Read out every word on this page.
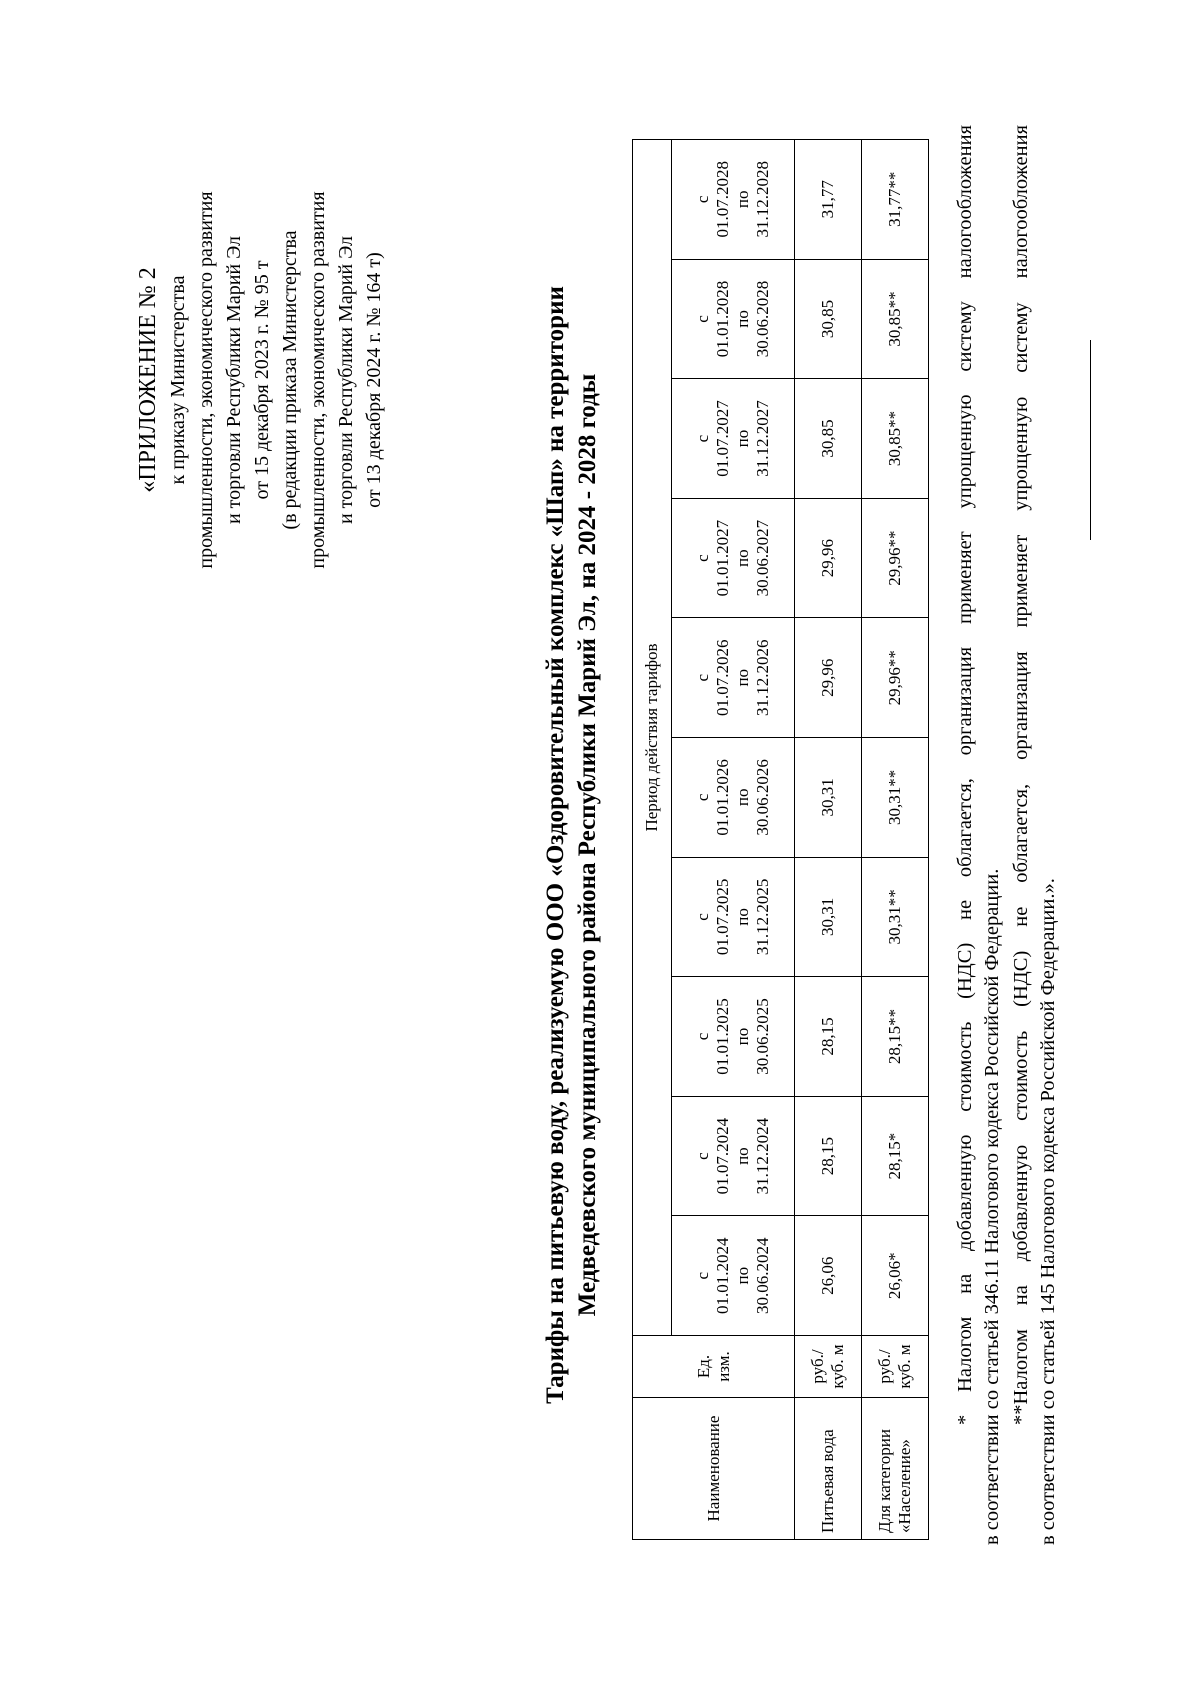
«ПРИЛОЖЕНИЕ № 2 к приказу Министерства промышленности, экономического развития и торговли Республики Марий Эл от 15 декабря 2023 г. № 95 т (в редакции приказа Министерства промышленности, экономического развития и торговли Республики Марий Эл от 13 декабря 2024 г. № 164 т)	Тарифы на питьевую воду, реализуемую ООО «Оздоровительный комплекс «Шап» на территории Медведевского муниципального района Республики Марий Эл, на 2024 - 2028 годы
Наименование	Ед. изм.	Период действия тарифов									

		с 01.01.2024 по 30.06.2024	с 01.07.2024 по 31.12.2024	с 01.01.2025 по 30.06.2025	с 01.07.2025 по 31.12.2025	с 01.01.2026 по 30.06.2026	с 01.07.2026 по 31.12.2026	с 01.01.2027 по 30.06.2027	с 01.07.2027 по 31.12.2027	с 01.01.2028 по 30.06.2028	с 01.07.2028 по 31.12.2028

Питьевая вода	руб./ куб. м	26,06	28,15	28,15	30,31	30,31	29,96	29,96	30,85	30,85	31,77
Для категории «Население»	руб./ куб. м	26,06*	28,15*	28,15**	30,31**	30,31**	29,96**	29,96**	30,85**	30,85**	31,77** * Налогом на добавленную стоимость (НДС) не облагается, организация применяет упрощенную систему налогообложения в соответствии со статьей 346.11 Налогового кодекса Российской Федерации. **Налогом на добавленную стоимость (НДС) не облагается, организация применяет упрощенную систему налогообложения в соответствии со статьей 145 Налогового кодекса Российской Федерации.».
